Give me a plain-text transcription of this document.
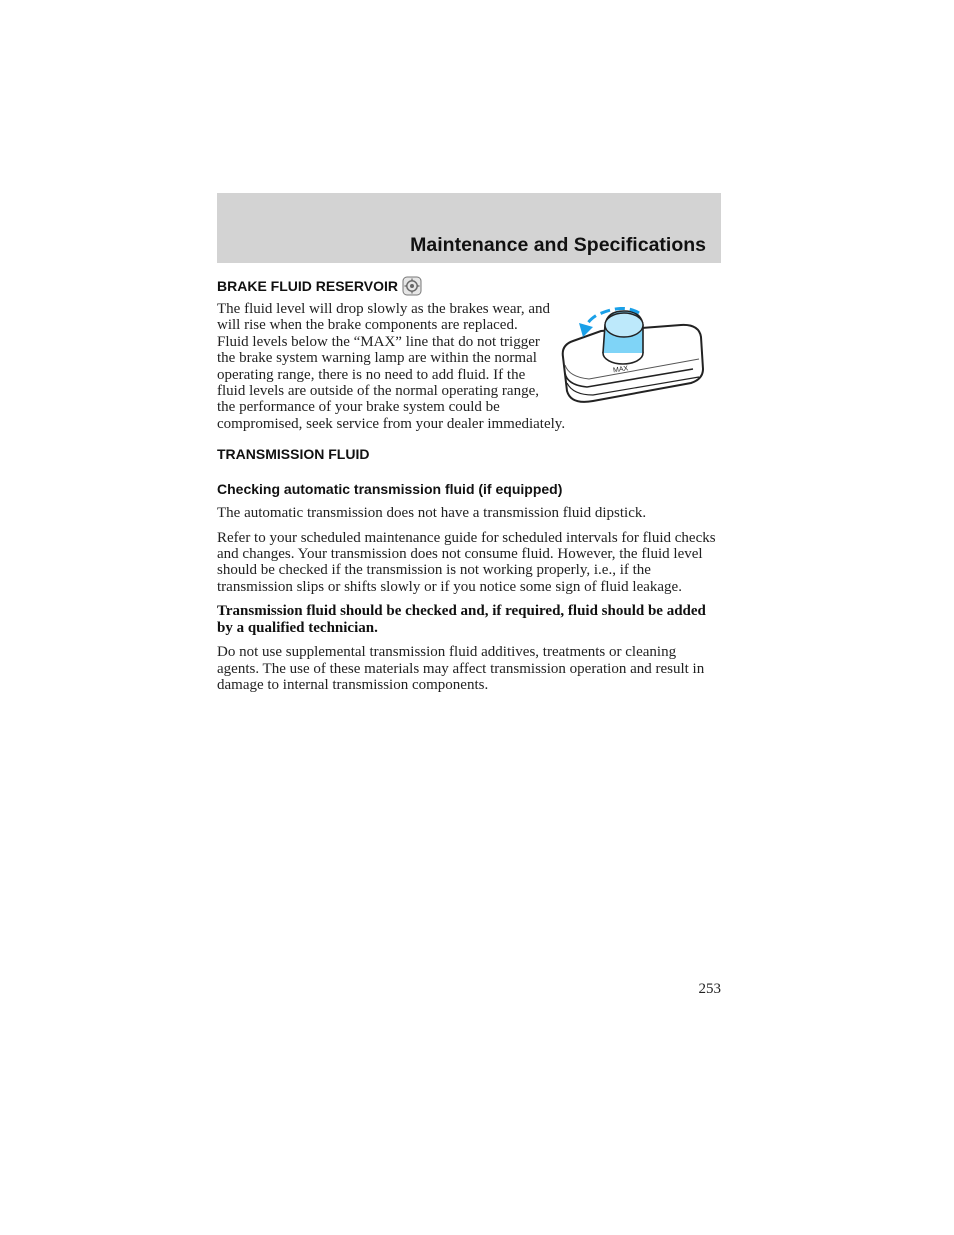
Maintenance and Specifications
BRAKE FLUID RESERVOIR
MAX

The fluid level will drop slowly as the brakes wear, and will rise when the brake components are replaced. Fluid levels below the “MAX” line that do not trigger the brake system warning lamp are within the normal operating range, there is no need to add fluid. If the fluid levels are outside of the normal operating range, the performance of your brake system could be compromised, seek service from your dealer immediately.

TRANSMISSION FLUID
Checking automatic transmission fluid (if equipped)

The automatic transmission does not have a transmission fluid dipstick.

Refer to your scheduled maintenance guide for scheduled intervals for fluid checks and changes. Your transmission does not consume fluid. However, the fluid level should be checked if the transmission is not working properly, i.e., if the transmission slips or shifts slowly or if you notice some sign of fluid leakage.

Transmission fluid should be checked and, if required, fluid should be added by a qualified technician.

Do not use supplemental transmission fluid additives, treatments or cleaning agents. The use of these materials may affect transmission operation and result in damage to internal transmission components.

253
